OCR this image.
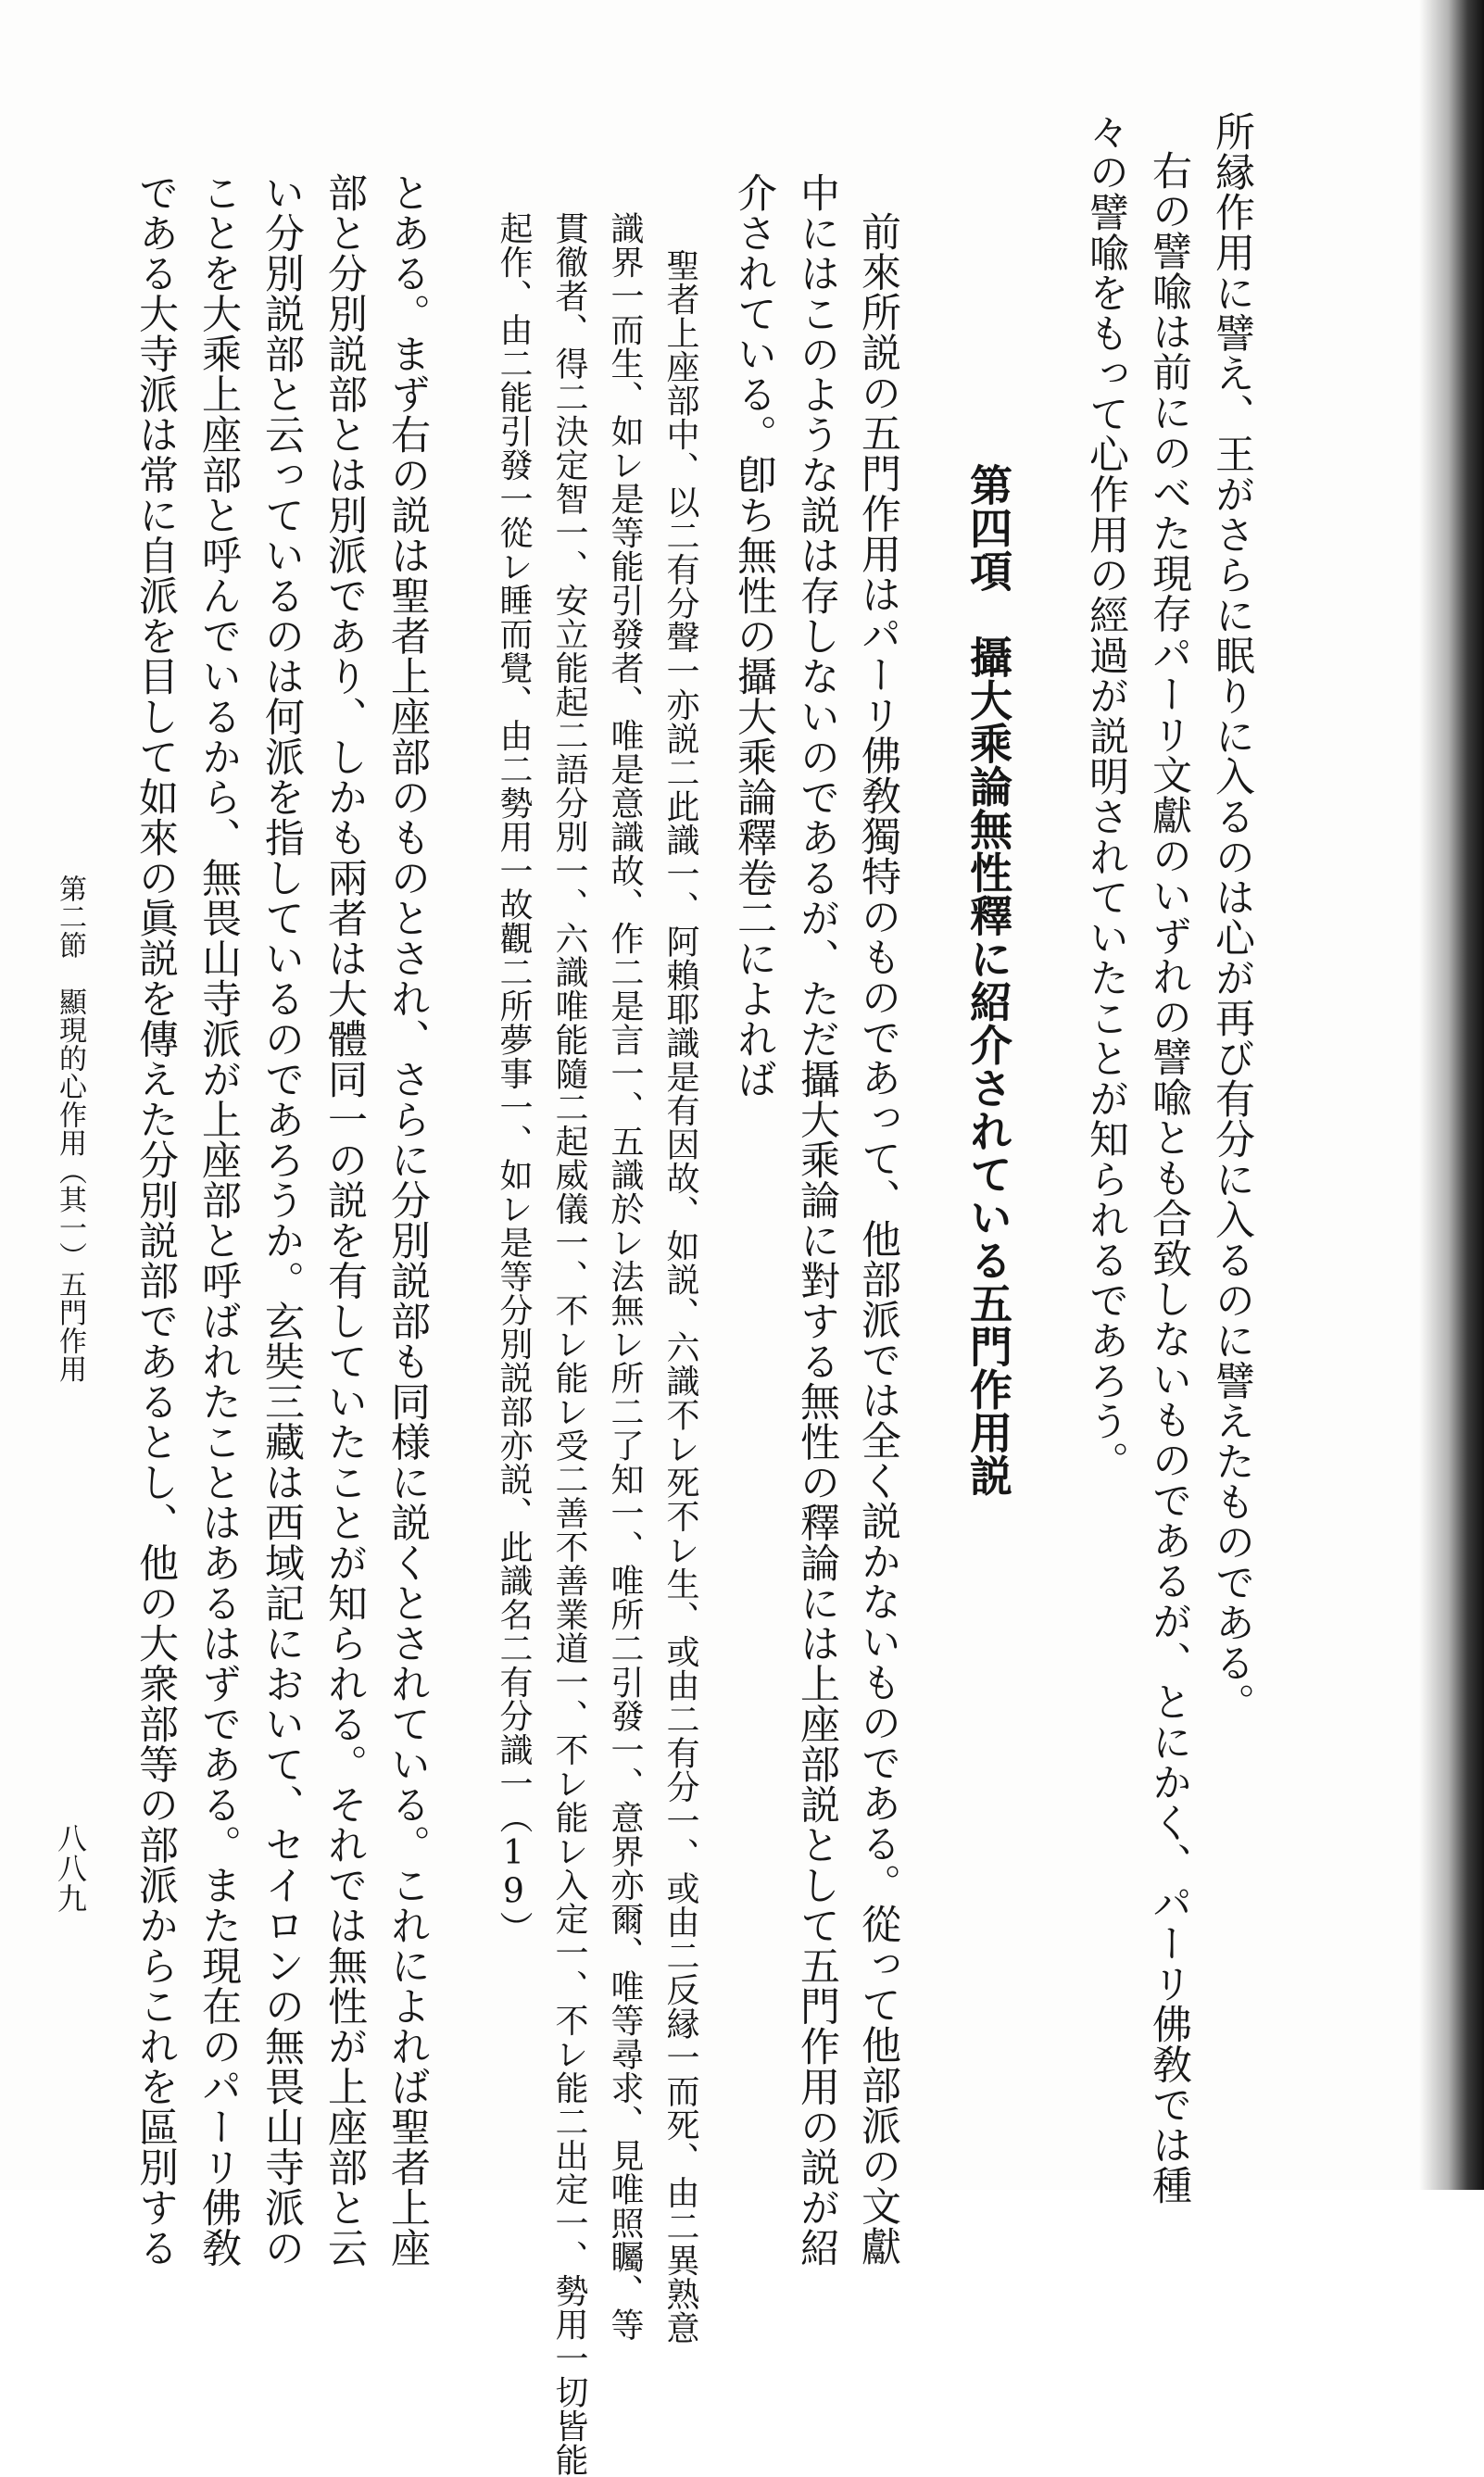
所縁作用に譬え、王がさらに眠りに入るのは心が再び有分に入るのに譬えたものである。
右の譬喩は前にのべた現存パーリ文獻のいずれの譬喩とも合致しないものであるが、とにかく、パーリ佛敎では種
々の譬喩をもって心作用の經過が説明されていたことが知られるであろう。
第四項　攝大乘論無性釋に紹介されている五門作用説
前來所説の五門作用はパーリ佛敎獨特のものであって、他部派では全く説かないものである。從って他部派の文獻
中にはこのような説は存しないのであるが、ただ攝大乘論に對する無性の釋論には上座部説として五門作用の説が紹
介されている。卽ち無性の攝大乘論釋卷二によれば
聖者上座部中、以二有分聲一亦説二此識一、阿賴耶識是有因故、如説、六識不レ死不レ生、或由二有分一、或由二反縁一而死、由二異熟意
識界一而生、如レ是等能引發者、唯是意識故、作二是言一、五識於レ法無レ所二了知一、唯所二引發一、意界亦爾、唯等尋求、見唯照矚、等
貫徹者、得二決定智一、安立能起二語分別一、六識唯能隨二起威儀一、不レ能レ受二善不善業道一、不レ能レ入定一、不レ能二出定一、勢用一切皆能
起作、由二能引發一從レ睡而覺、由二勢用一故觀二所夢事一、如レ是等分別説部亦説、此識名二有分識一（19）
とある。まず右の説は聖者上座部のものとされ、さらに分別説部も同様に説くとされている。これによれば聖者上座
部と分別説部とは別派であり、しかも兩者は大體同一の説を有していたことが知られる。それでは無性が上座部と云
い分別説部と云っているのは何派を指しているのであろうか。玄奘三藏は西域記において、セイロンの無畏山寺派の
ことを大乘上座部と呼んでいるから、無畏山寺派が上座部と呼ばれたことはあるはずである。また現在のパーリ佛敎
である大寺派は常に自派を目して如來の眞説を傳えた分別説部であるとし、他の大衆部等の部派からこれを區別する
第二節　顯現的心作用（其一）五門作用
八八九
